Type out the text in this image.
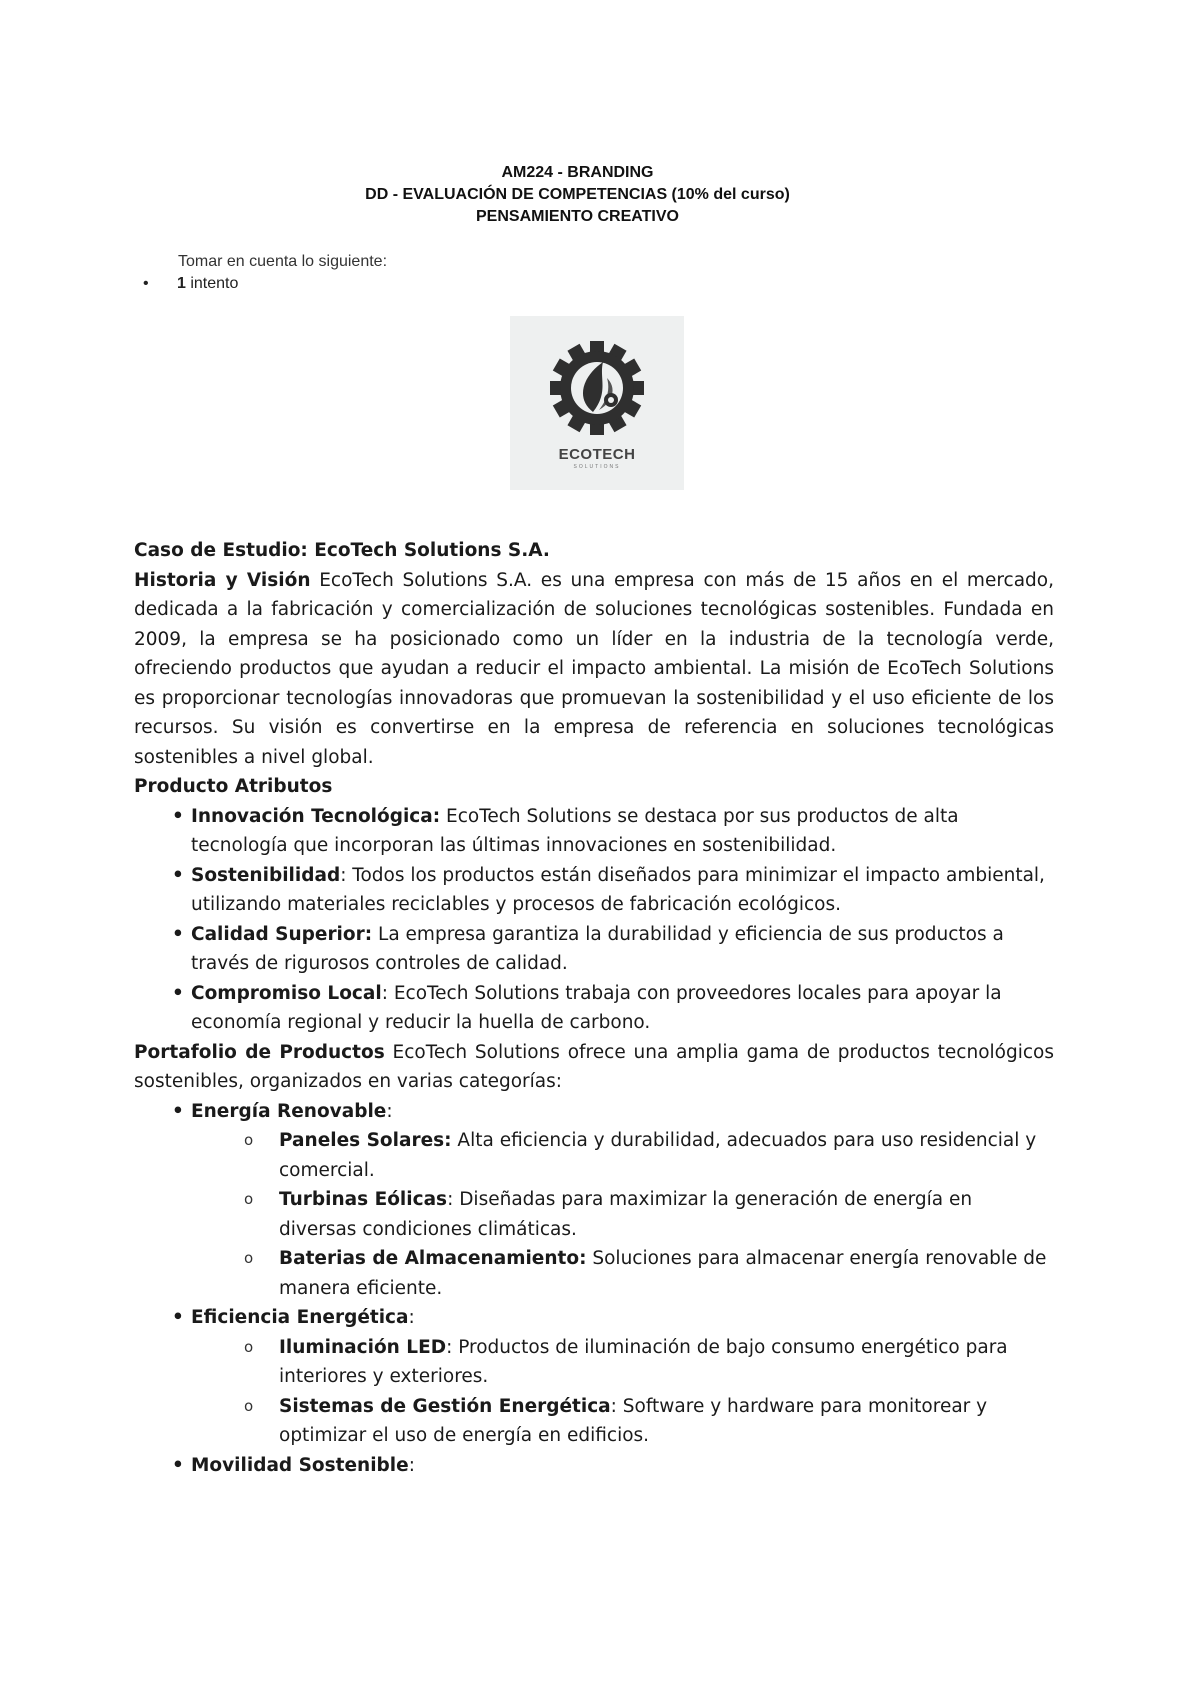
AM224 - BRANDING
DD - EVALUACIÓN DE COMPETENCIAS (10% del curso)
PENSAMIENTO CREATIVO
Tomar en cuenta lo siguiente:
• 1 intento
ECOTECH
SOLUTIONS

Caso de Estudio: EcoTech Solutions S.A.

Historia y Visión EcoTech Solutions S.A. es una empresa con más de 15 años en el mercado, dedicada a la fabricación y comercialización de soluciones tecnológicas sostenibles. Fundada en 2009, la empresa se ha posicionado como un líder en la industria de la tecnología verde, ofreciendo productos que ayudan a reducir el impacto ambiental. La misión de EcoTech Solutions es proporcionar tecnologías innovadoras que promuevan la sostenibilidad y el uso eficiente de los recursos. Su visión es convertirse en la empresa de referencia en soluciones tecnológicas sostenibles a nivel global.

Producto Atributos

• Innovación Tecnológica: EcoTech Solutions se destaca por sus productos de alta tecnología que incorporan las últimas innovaciones en sostenibilidad.
• Sostenibilidad: Todos los productos están diseñados para minimizar el impacto ambiental, utilizando materiales reciclables y procesos de fabricación ecológicos.
• Calidad Superior: La empresa garantiza la durabilidad y eficiencia de sus productos a través de rigurosos controles de calidad.
• Compromiso Local: EcoTech Solutions trabaja con proveedores locales para apoyar la economía regional y reducir la huella de carbono.

Portafolio de Productos EcoTech Solutions ofrece una amplia gama de productos tecnológicos sostenibles, organizados en varias categorías:

• Energía Renovable:
o Paneles Solares: Alta eficiencia y durabilidad, adecuados para uso residencial y comercial.
o Turbinas Eólicas: Diseñadas para maximizar la generación de energía en diversas condiciones climáticas.
o Baterias de Almacenamiento: Soluciones para almacenar energía renovable de manera eficiente.
• Eficiencia Energética:
o Iluminación LED: Productos de iluminación de bajo consumo energético para interiores y exteriores.
o Sistemas de Gestión Energética: Software y hardware para monitorear y optimizar el uso de energía en edificios.
• Movilidad Sostenible:
